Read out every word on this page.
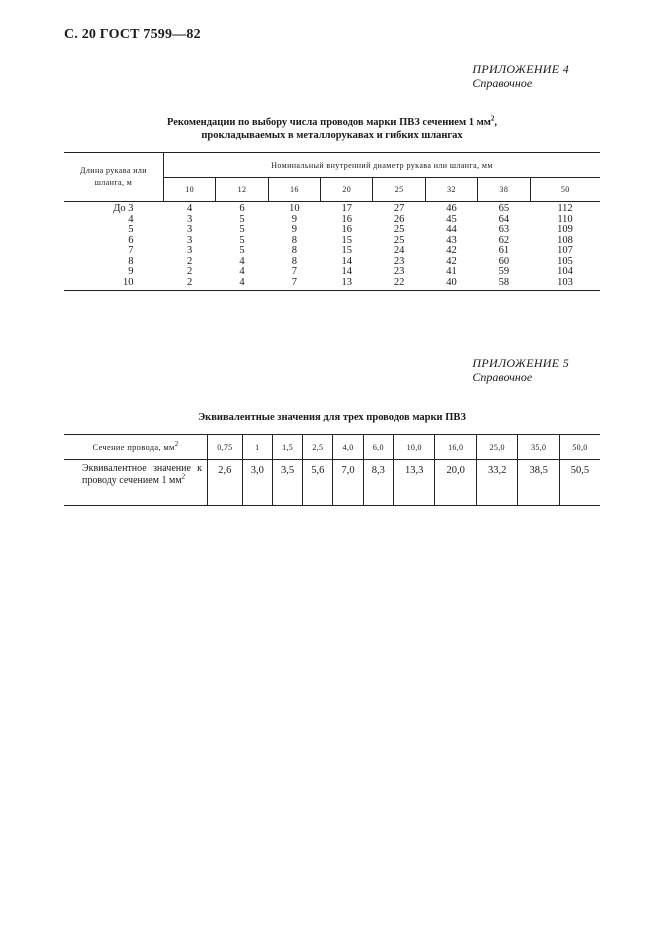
С. 20 ГОСТ 7599—82
ПРИЛОЖЕНИЕ 4
Справочное
Рекомендации по выбору числа проводов марки ПВЗ сечением 1 $мм^2$,
прокладываемых в металлорукавах и гибких шлангах
Длина рукава или шланга, м	Номинальный внутренний диаметр рукава или шланга, мм							
	10	12	16	20	25	32	38	50
До 3	4	6	10	17	27	46	65	112
4	3	5	9	16	26	45	64	110
5	3	5	9	16	25	44	63	109
6	3	5	8	15	25	43	62	108
7	3	5	8	15	24	42	61	107
8	2	4	8	14	23	42	60	105
9	2	4	7	14	23	41	59	104
10	2	4	7	13	22	40	58	103
ПРИЛОЖЕНИЕ 5
Справочное
Эквивалентные значения для трех проводов марки ПВЗ
Сечение провода, $мм^2$	0,75	1	1,5	2,5	4,0	6,0	10,0	16,0	25,0	35,0	50,0
Эквивалентное значение к проводу сечением 1 $мм^2$	2,6	3,0	3,5	5,6	7,0	8,3	13,3	20,0	33,2	38,5	50,5
